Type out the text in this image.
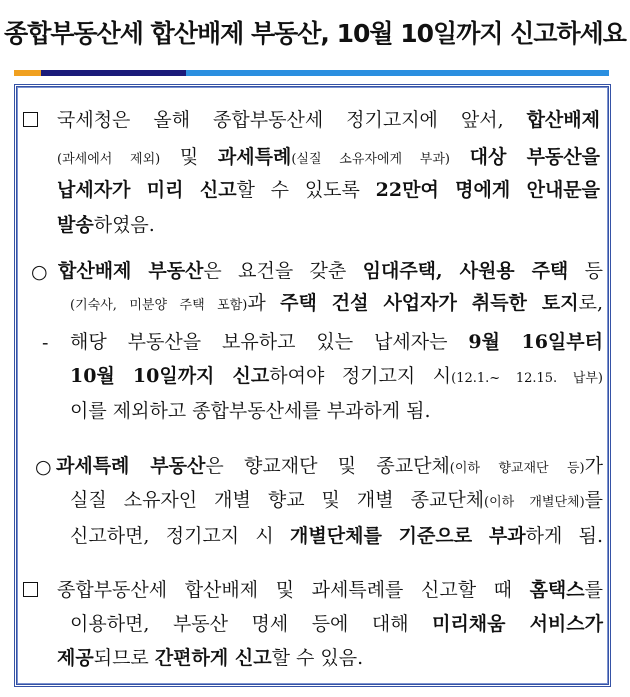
종합부동산세 합산배제 부동산, 10월 10일까지 신고하세요
○
-
○
국세청은 올해 종합부동산세 정기고지에 앞서, 합산배제
(과세에서 제외) 및 과세특례(실질 소유자에게 부과) 대상 부동산을
납세자가 미리 신고할 수 있도록 22만여 명에게 안내문을
발송하였음.
합산배제 부동산은 요건을 갖춘 임대주택, 사원용 주택 등
(기숙사, 미분양 주택 포함)과 주택 건설 사업자가 취득한 토지로,
해당 부동산을 보유하고 있는 납세자는 9월 16일부터
10월 10일까지 신고하여야 정기고지 시(12.1.~ 12.15. 납부)
이를 제외하고 종합부동산세를 부과하게 됨.
과세특례 부동산은 향교재단 및 종교단체(이하 향교재단 등)가
실질 소유자인 개별 향교 및 개별 종교단체(이하 개별단체)를
신고하면, 정기고지 시 개별단체를 기준으로 부과하게 됨.
종합부동산세 합산배제 및 과세특례를 신고할 때 홈택스를
이용하면, 부동산 명세 등에 대해 미리채움 서비스가
제공되므로 간편하게 신고할 수 있음.
